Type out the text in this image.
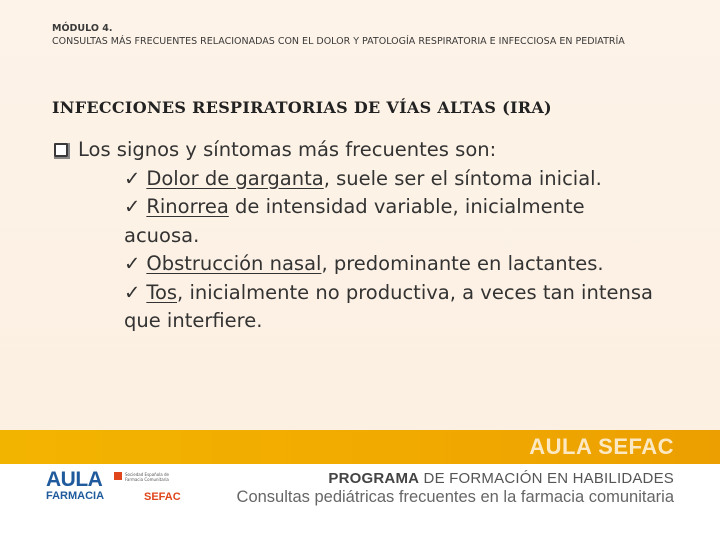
MÓDULO 4.
CONSULTAS MÁS FRECUENTES RELACIONADAS CON EL DOLOR Y PATOLOGÍA RESPIRATORIA E INFECCIOSA EN PEDIATRÍA
INFECCIONES RESPIRATORIAS DE VÍAS ALTAS (IRA)
Los signos y síntomas más frecuentes son:
✓ Dolor de garganta, suele ser el síntoma inicial.
✓ Rinorrea de intensidad variable, inicialmente acuosa.
✓ Obstrucción nasal, predominante en lactantes.
✓ Tos, inicialmente no productiva, a veces tan intensa que interfiere.
AULA SEFAC
AULA
FARMACIA
Sociedad Española de Farmacia Comunitaria
SEFAC
PROGRAMA DE FORMACIÓN EN HABILIDADES
Consultas pediátricas frecuentes en la farmacia comunitaria
